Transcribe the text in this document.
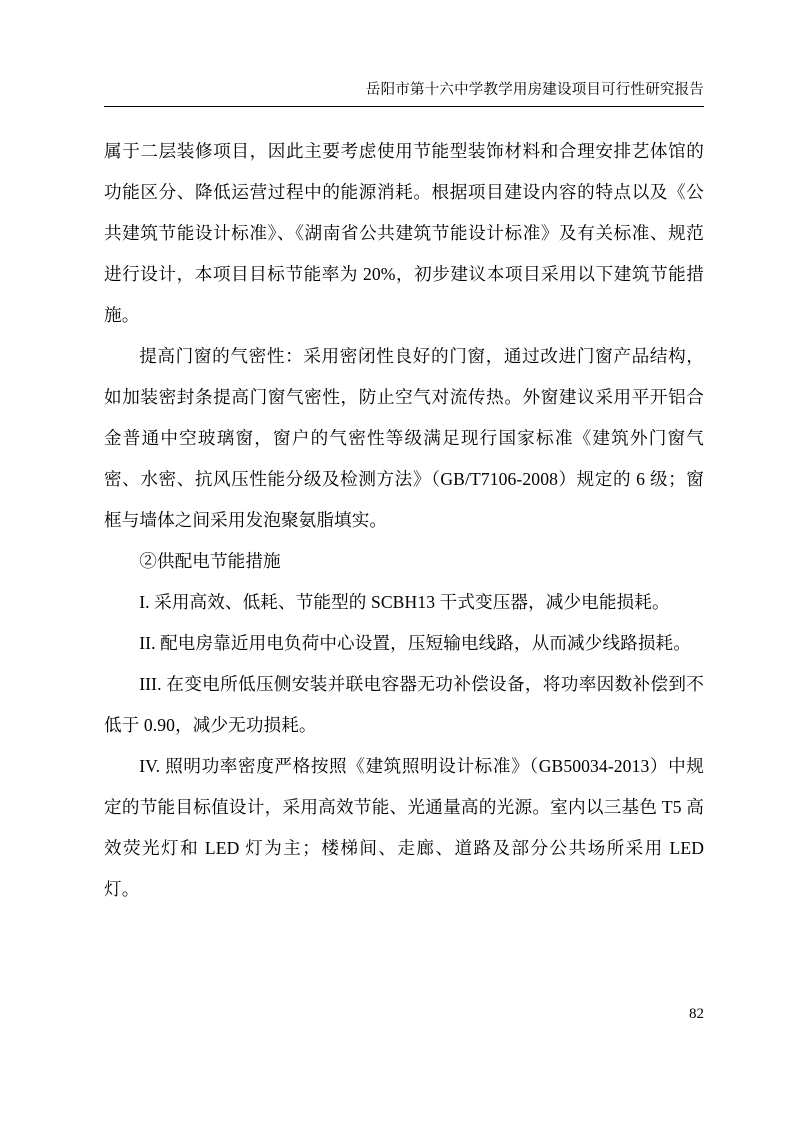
岳阳市第十六中学教学用房建设项目可行性研究报告

属于二层装修项目，因此主要考虑使用节能型装饰材料和合理安排艺体馆的功能区分、降低运营过程中的能源消耗。根据项目建设内容的特点以及《公共建筑节能设计标准》、《湖南省公共建筑节能设计标准》及有关标准、规范进行设计，本项目目标节能率为 20%，初步建议本项目采用以下建筑节能措施。

提高门窗的气密性：采用密闭性良好的门窗，通过改进门窗产品结构，如加装密封条提高门窗气密性，防止空气对流传热。外窗建议采用平开铝合金普通中空玻璃窗，窗户的气密性等级满足现行国家标准《建筑外门窗气密、水密、抗风压性能分级及检测方法》（GB/T7106-2008）规定的 6 级；窗框与墙体之间采用发泡聚氨脂填实。

②供配电节能措施

I. 采用高效、低耗、节能型的 SCBH13 干式变压器，减少电能损耗。

II. 配电房靠近用电负荷中心设置，压短输电线路，从而减少线路损耗。

III. 在变电所低压侧安装并联电容器无功补偿设备，将功率因数补偿到不低于 0.90，减少无功损耗。

IV. 照明功率密度严格按照《建筑照明设计标准》（GB50034-2013）中规定的节能目标值设计，采用高效节能、光通量高的光源。室内以三基色 T5 高效荧光灯和 LED 灯为主；楼梯间、走廊、道路及部分公共场所采用 LED 灯。

82
